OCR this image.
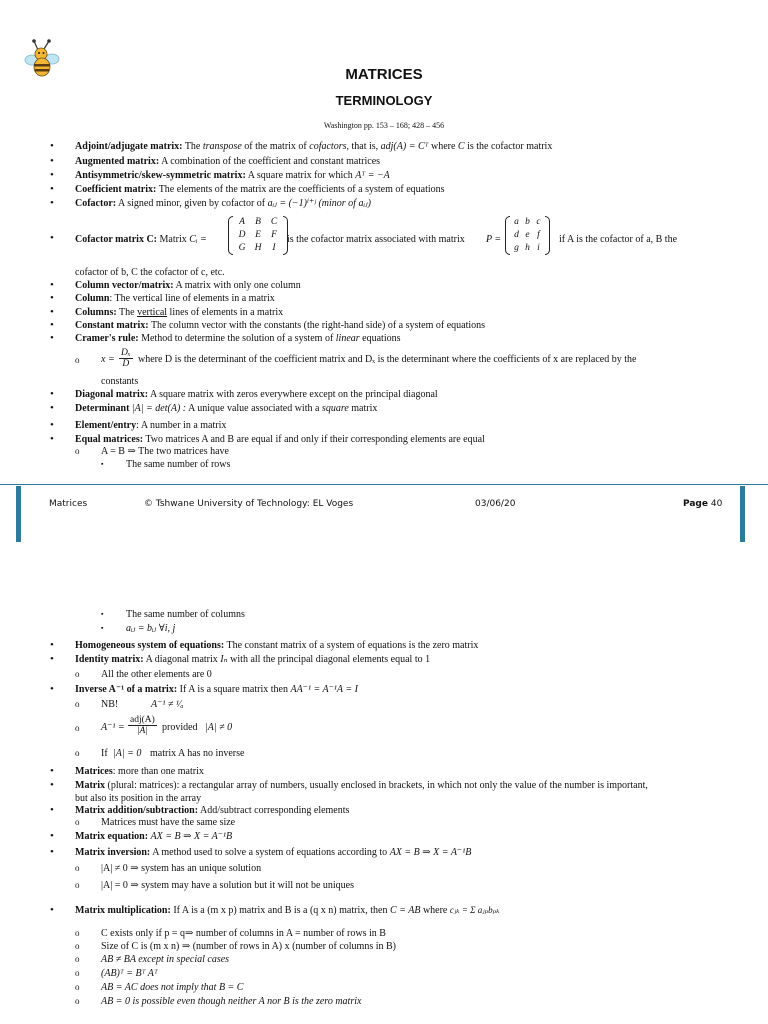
MATRICES
TERMINOLOGY
Washington pp. 153 – 168; 428 – 456
• Adjoint/adjugate matrix: The transpose of the matrix of cofactors, that is, adj(A) = Cᵀ where C is the cofactor matrix
• Augmented matrix: A combination of the coefficient and constant matrices
• Antisymmetric/skew-symmetric matrix: A square matrix for which Aᵀ = −A
• Coefficient matrix: The elements of the matrix are the coefficients of a system of equations
• Cofactor: A signed minor, given by cofactor of aᵢⱼ = (−1)ⁱ⁺ʲ (minor of aᵢⱼ)
• Cofactor matrix C: Matrix Cᵢ =
A B C
D E F
G H I
is the cofactor matrix associated with matrix P =
a b c
d e f
g h i
if A is the cofactor of a, B the
cofactor of b, C the cofactor of c, etc.
• Column vector/matrix: A matrix with only one column
• Column: The vertical line of elements in a matrix
• Columns: The vertical lines of elements in a matrix
• Constant matrix: The column vector with the constants (the right-hand side) of a system of equations
• Cramer's rule: Method to determine the solution of a system of linear equations
o $x = \frac{\text{Dₓ}}{D}$ where D is the determinant of the coefficient matrix and Dₓ is the determinant where the coefficients of x are replaced by the
constants
• Diagonal matrix: A square matrix with zeros everywhere except on the principal diagonal
• Determinant |A| = det(A) : A unique value associated with a square matrix
• Element/entry: A number in a matrix
• Equal matrices: Two matrices A and B are equal if and only if their corresponding elements are equal
o A = B ⇒ The two matrices have
▪ The same number of rows
Matrices	© Tshwane University of Technology: EL Voges	03/06/20	Page 40
▪ The same number of columns
▪ aᵢⱼ = bᵢⱼ ∀i, j
• Homogeneous system of equations: The constant matrix of a system of equations is the zero matrix
• Identity matrix: A diagonal matrix Iₙ with all the principal diagonal elements equal to 1
o All the other elements are 0
• Inverse A⁻¹ of a matrix: If A is a square matrix then AA⁻¹ = A⁻¹A = I
o NB!	A⁻¹ ≠ ¹⁄ₐ
o A⁻¹ =
adj(A)
|A|	provided |A| ≠ 0
o If |A| = 0 matrix A has no inverse
• Matrices: more than one matrix
• Matrix (plural: matrices): a rectangular array of numbers, usually enclosed in brackets, in which not only the value of the number is important,
but also its position in the array
• Matrix addition/subtraction: Add/subtract corresponding elements
o Matrices must have the same size
• Matrix equation: AX = B ⇒ X = A⁻¹B
• Matrix inversion: A method used to solve a system of equations according to AX = B ⇒ X = A⁻¹B
o |A| ≠ 0 ⇒ system has an unique solution
o |A| = 0 ⇒ system may have a solution but it will not be uniques
• Matrix multiplication: If A is a (m x p) matrix and B is a (q x n) matrix, then C = AB where cⱼₖ = Σ aⱼₚbₚₖ
o C exists only if p = q⇒ number of columns in A = number of rows in B
o Size of C is (m x n) ⇒ (number of rows in A) x (number of columns in B)
o AB ≠ BA except in special cases
o (AB)ᵀ = Bᵀ Aᵀ
o AB = AC does not imply that B = C
o AB = 0 is possible even though neither A nor B is the zero matrix
